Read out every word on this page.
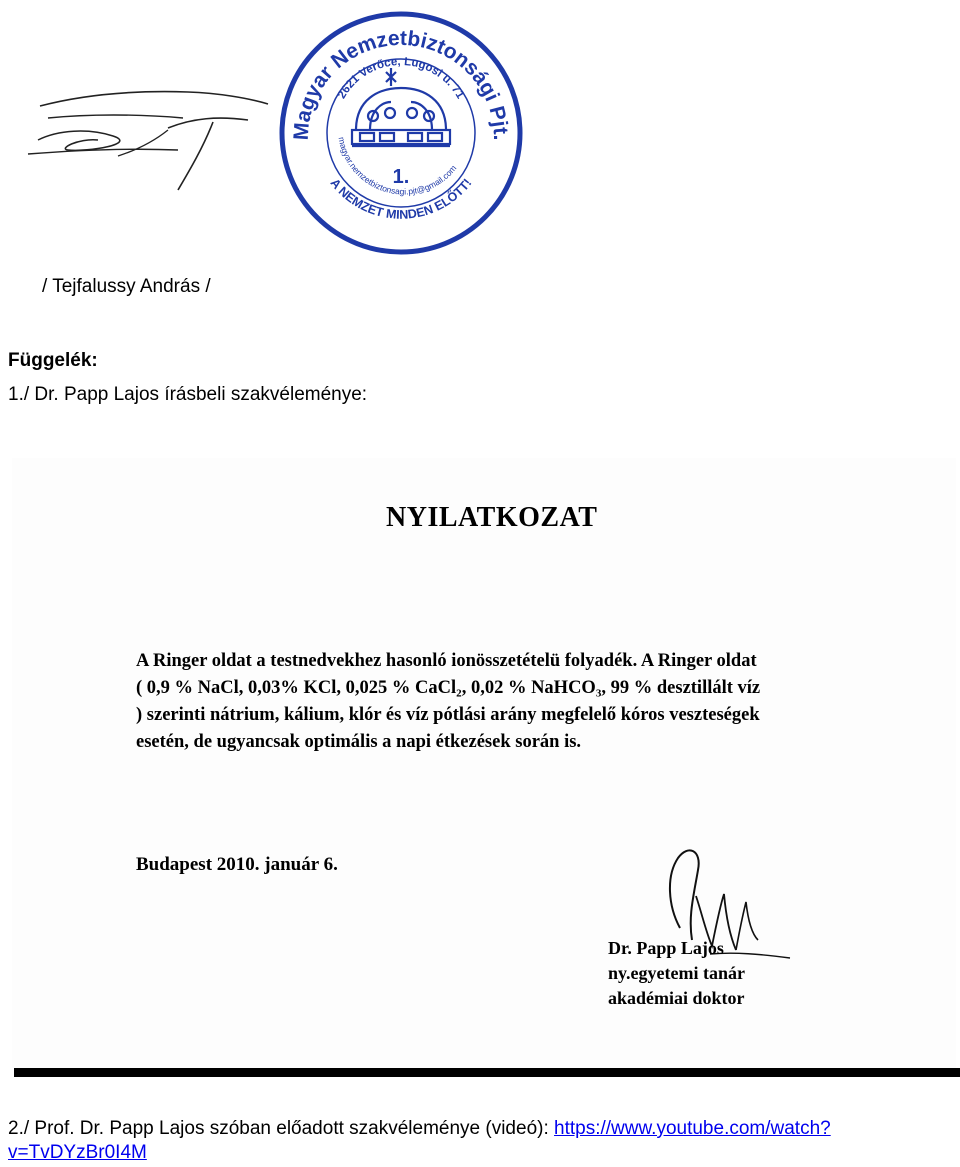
Magyar Nemzetbiztonsági Pjt.
2621 Verőce, Lugosi u. 71
A NEMZET MINDEN ELŐTT!
magyar.nemzetbiztonsagi.pjt@gmail.com
1.
/ Tejfalussy András /
Függelék:
1./ Dr. Papp Lajos írásbeli szakvéleménye:
NYILATKOZAT
A Ringer oldat a testnedvekhez hasonló ionösszetételü folyadék. A Ringer oldat
( 0,9 % NaCl, 0,03% KCl, 0,025 % CaCl₂, 0,02 % NaHCO₃, 99 % desztillált víz
) szerinti nátrium, kálium, klór és víz pótlási arány megfelelő kóros veszteségek
esetén, de ugyancsak optimális a napi étkezések során is.
Budapest 2010. január 6.
Dr. Papp Lajos
ny.egyetemi tanár
akadémiai doktor
2./ Prof. Dr. Papp Lajos szóban előadott szakvéleménye (videó): https://www.youtube.com/watch?v=TvDYzBr0I4M
